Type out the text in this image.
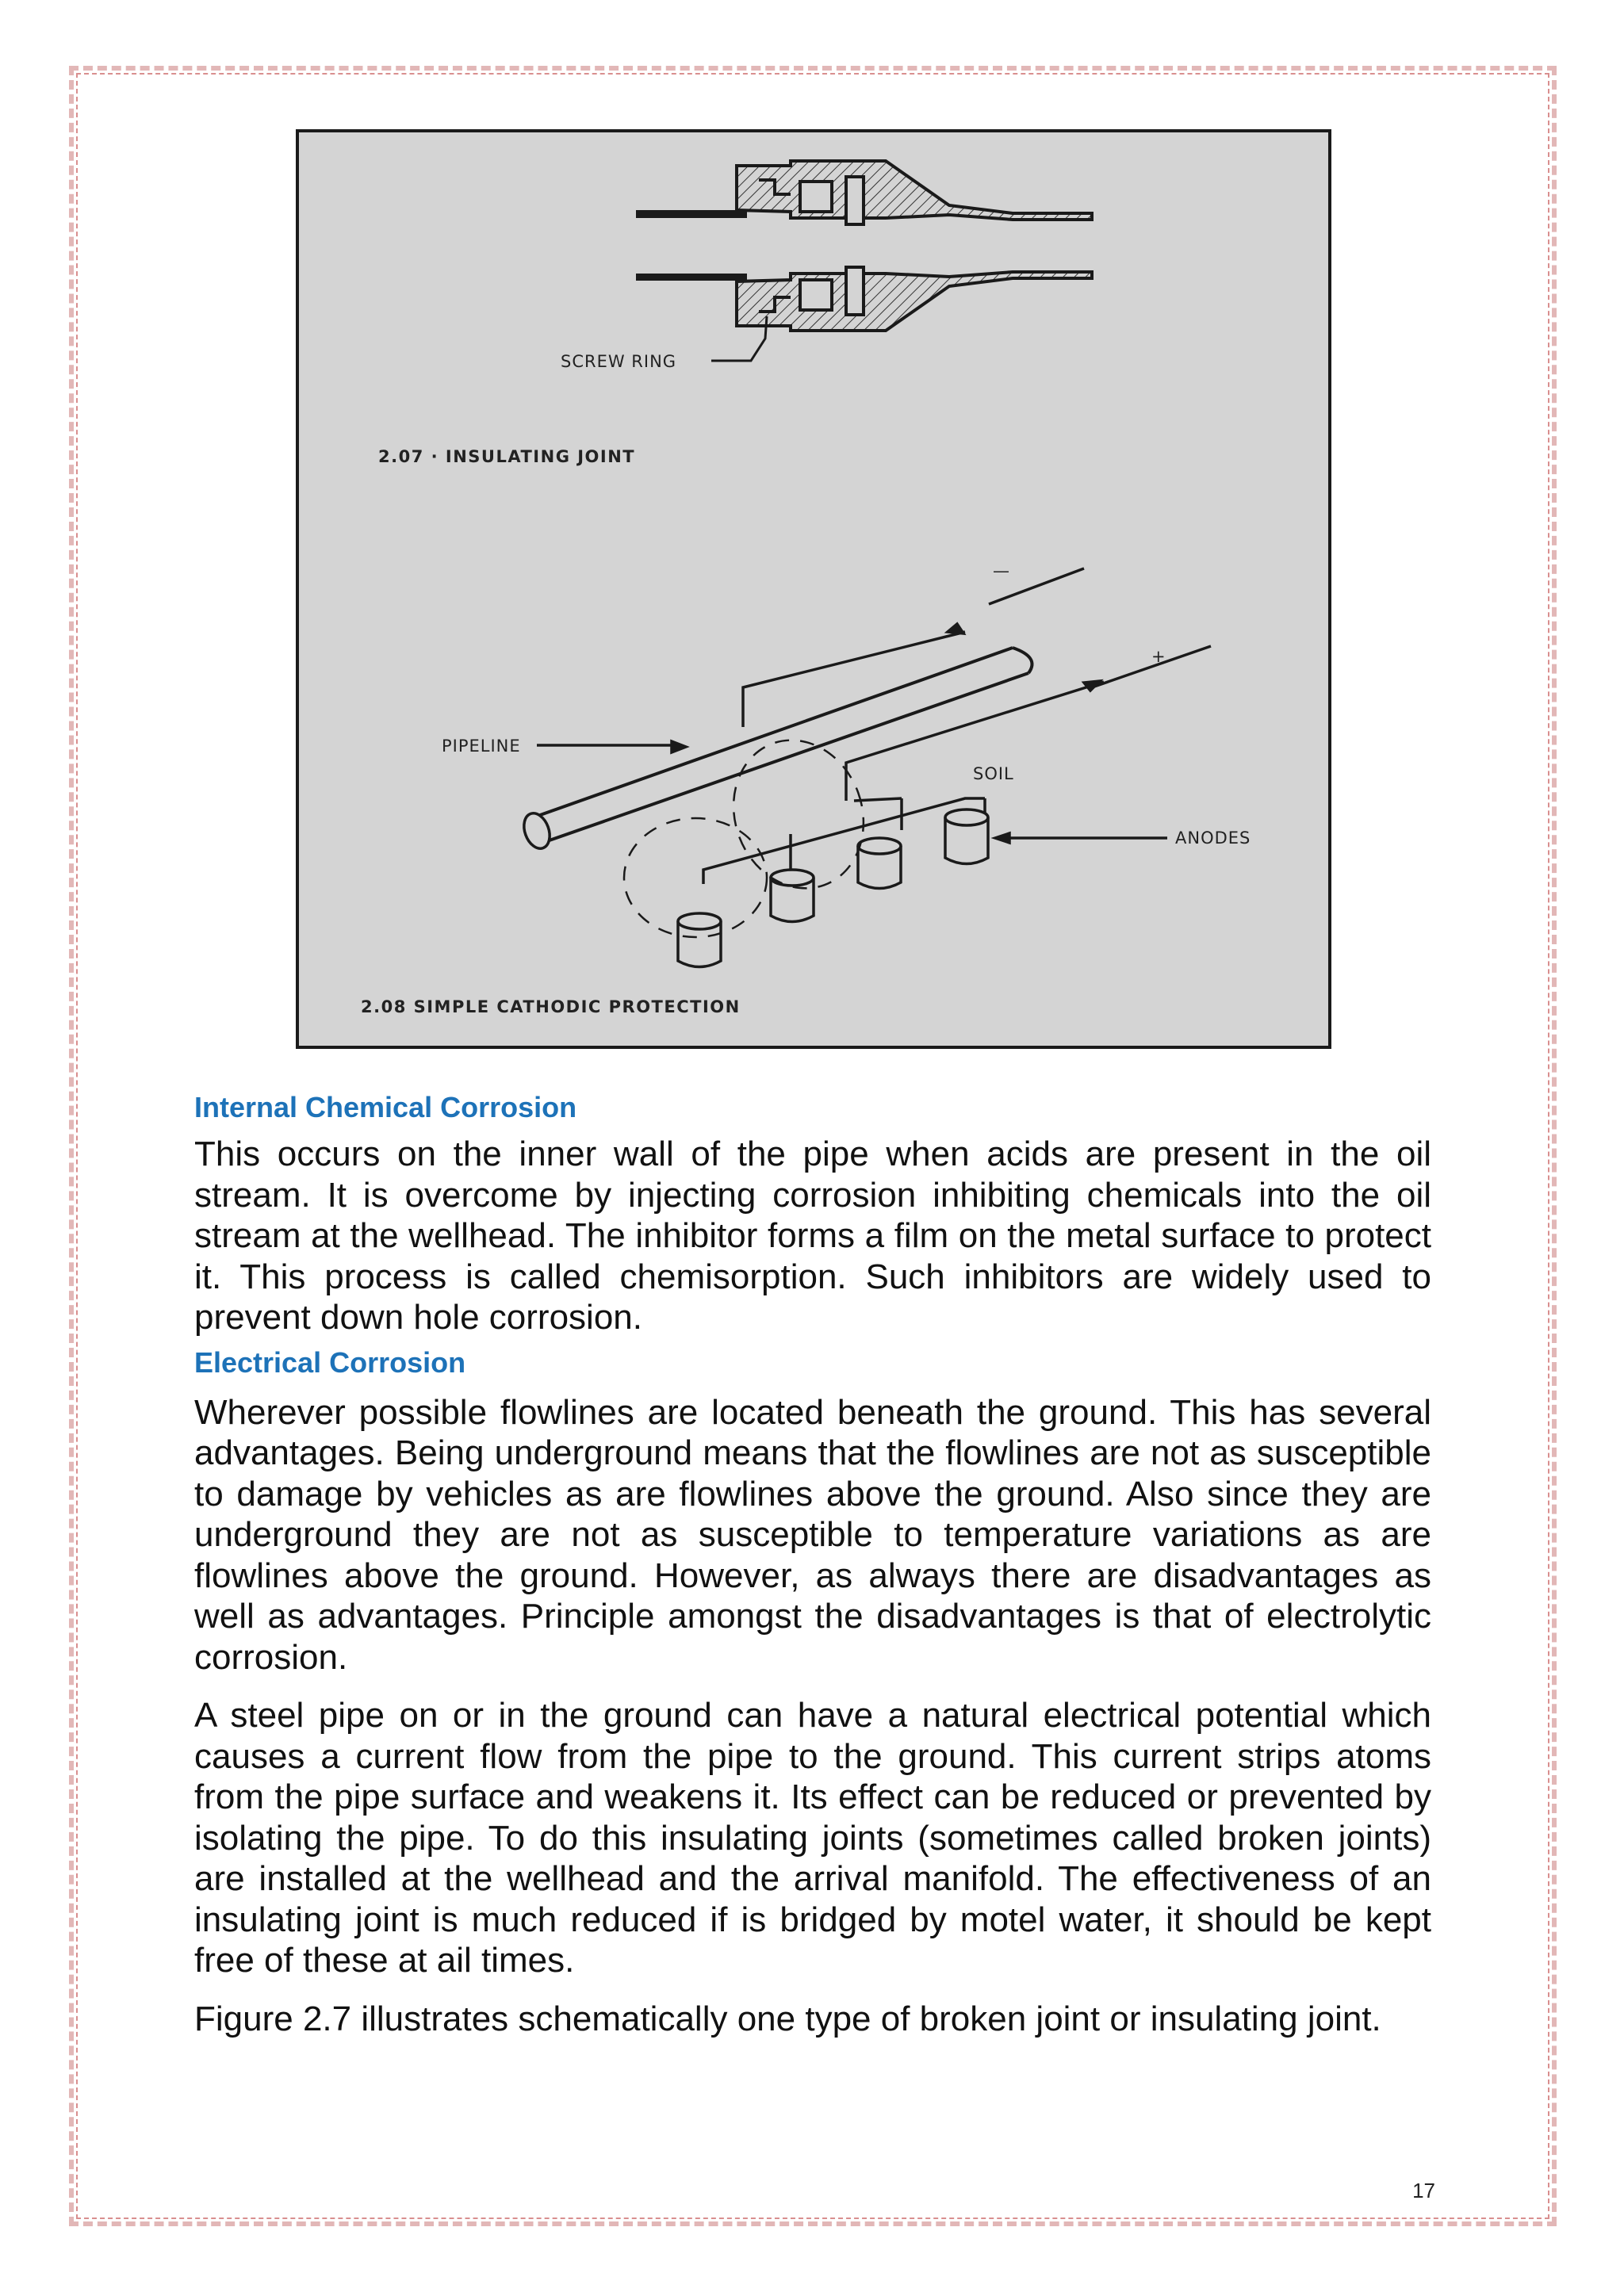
SCREW RING
2.07 · INSULATING JOINT
—
+
PIPELINE
SOIL
ANODES
2.08 SIMPLE CATHODIC PROTECTION
Internal Chemical Corrosion

This occurs on the inner wall of the pipe when acids are present in the oil stream. It is overcome by injecting corrosion inhibiting chemicals into the oil stream at the wellhead. The inhibitor forms a film on the metal surface to protect it. This process is called chemisorption. Such inhibitors are widely used to prevent down hole corrosion.

Electrical Corrosion

Wherever possible flowlines are located beneath the ground. This has several advantages. Being underground means that the flowlines are not as susceptible to damage by vehicles as are flowlines above the ground. Also since they are underground they are not as susceptible to temperature variations as are flowlines above the ground. However, as always there are disadvantages as well as advantages. Principle amongst the disadvantages is that of electrolytic corrosion.

A steel pipe on or in the ground can have a natural electrical potential which causes a current flow from the pipe to the ground. This current strips atoms from the pipe surface and weakens it. Its effect can be reduced or prevented by isolating the pipe. To do this insulating joints (sometimes called broken joints) are installed at the wellhead and the arrival manifold. The effectiveness of an insulating joint is much reduced if is bridged by motel water, it should be kept free of these at ail times.

Figure 2.7 illustrates schematically one type of broken joint or insulating joint.

17
